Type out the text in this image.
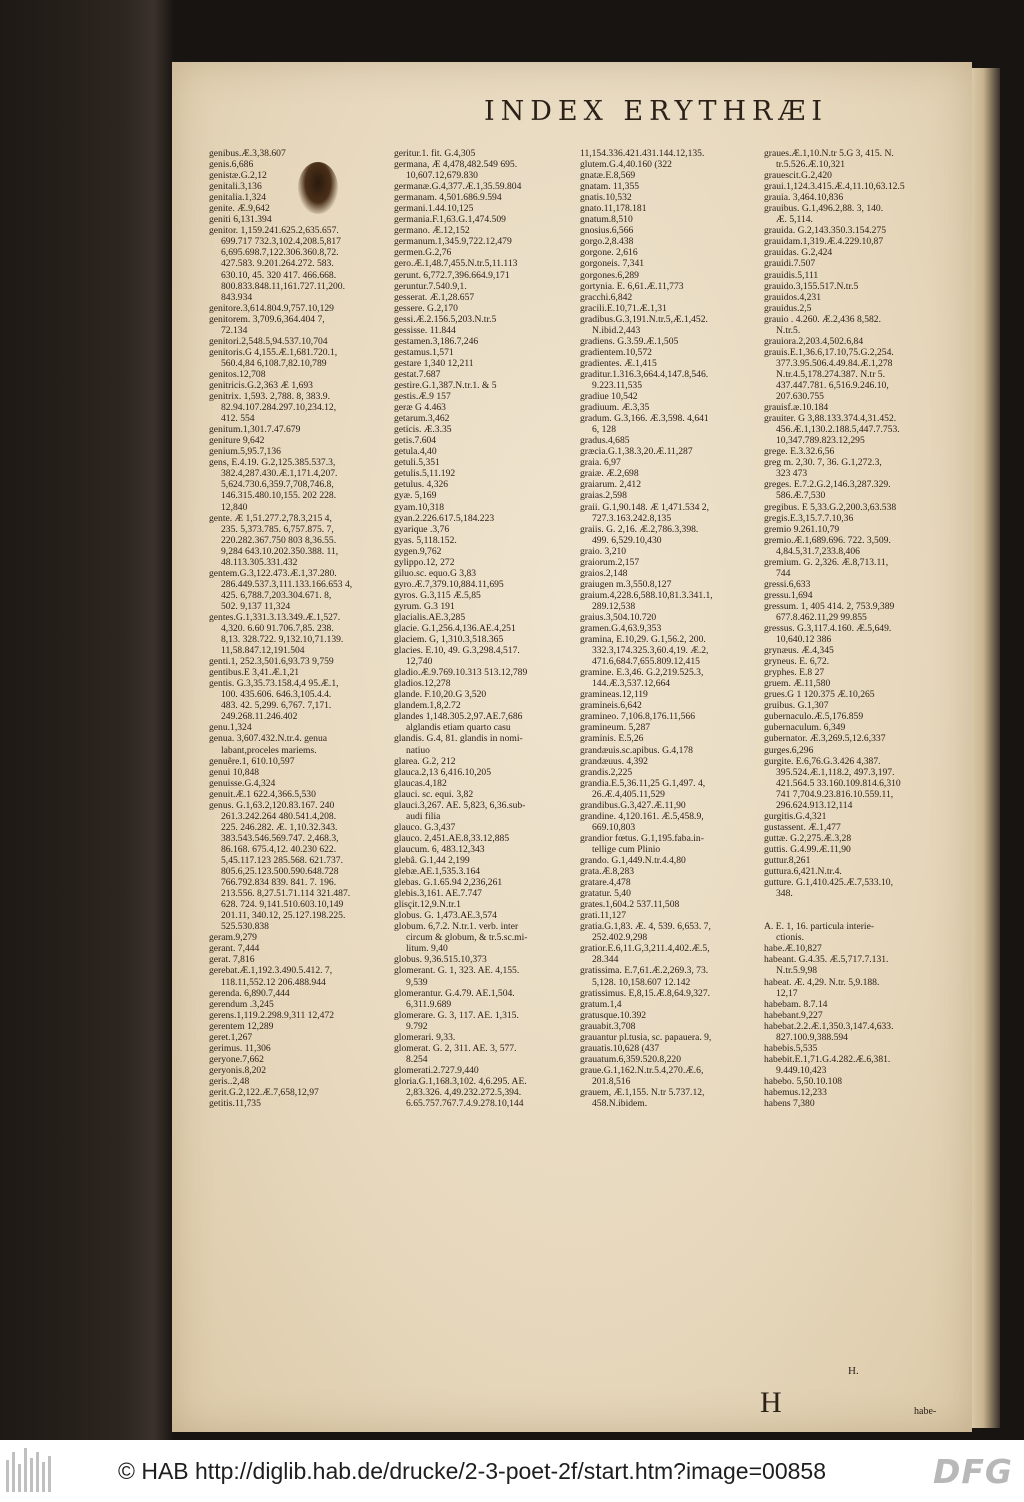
INDEX ERYTHRÆI
genibus.Æ.3,38.607
genis.6,686
genistæ.G.2,12
genitali.3,136
genitalia.1,324
genite. Æ.9,642
geniti 6,131.394
genitor. 1,159.241.625.2,635.657.
699.717 732.3,102.4,208.5,817
6,695.698.7,122.306.360.8,72.
427.583. 9.201.264.272. 583.
630.10, 45. 320 417. 466.668.
800.833.848.11,161.727.11,200.
843.934
genitore.3,614.804.9,757.10,129
genitorem. 3,709.6,364.404 7,
72.134
genitori.2,548.5,94.537.10,704
genitoris.G 4,155.Æ.1,681.720.1,
560.4,84 6,108.7,82.10,789
genitos.12,708
genitricis.G.2,363 Æ 1,693
genitrix. 1,593. 2,788. 8, 383.9.
82.94.107.284.297.10,234.12,
412. 554
genitum.1,301.7.47.679
geniture 9,642
genium.5,95.7,136
gens, E.4.19. G.2,125.385.537.3,
382.4,287.430.Æ.1,171.4,207.
5,624.730.6,359.7,708,746.8,
146.315.480.10,155. 202 228.
12,840
gente. Æ 1,51.277.2,78.3,215 4,
235. 5,373.785. 6,757.875. 7,
220.282.367.750 803 8,36.55.
9,284 643.10.202.350.388. 11,
48.113.305.331.432
gentem.G.3,122.473.Æ.1,37.280.
286.449.537.3,111.133.166.653 4,
425. 6,788.7,203.304.671. 8,
502. 9,137 11,324
gentes.G.1,331.3.13.349.Æ.1,527.
4,320. 6.60 91.706.7,85. 238.
8,13. 328.722. 9,132.10,71.139.
11,58.847.12,191.504
genti.1, 252.3,501.6,93.73 9,759
gentibus.E 3,41.Æ.1,21
gentis. G.3,35.73.158.4,4 95.Æ.1,
100. 435.606. 646.3,105.4.4.
483. 42. 5,299. 6,767. 7,171.
249.268.11.246.402
genu.1,324
genua. 3,607.432.N.tr.4. genua
labant,proceles mariems.
genuêre.1, 610.10,597
genui 10,848
genuisse.G.4,324
genuit.Æ.1 622.4,366.5,530
genus. G.1,63.2,120.83.167. 240
261.3.242.264 480.541.4,208.
225. 246.282. Æ. 1,10.32.343.
383.543.546.569.747. 2,468.3,
86.168. 675.4,12. 40.230 622.
5,45.117.123 285.568. 621.737.
805.6,25.123.500.590.648.728
766.792.834 839. 841. 7. 196.
213.556. 8,27.51.71.114 321.487.
628. 724. 9,141.510.603.10,149
201.11, 340.12, 25.127.198.225.
525.530.838
geram.9,279
gerant. 7,444
gerat. 7,816
gerebat.Æ.1,192.3.490.5.412. 7,
118.11,552.12 206.488.944
gerenda. 6,890.7,444
gerendum .3,245
gerens.1,119.2.298.9,311 12,472
gerentem 12,289
geret.1,267
gerimus. 11,306
geryone.7,662
geryonis.8,202
geris..2,48
gerit.G.2,122.Æ.7,658,12,97
getitis.11,735
geritur.1. fit. G.4,305
germana, Æ 4,478,482.549 695.
10,607.12,679.830
germanæ.G.4,377.Æ.1,35.59.804
germanam. 4,501.686.9.594
germani.1.44.10,125
germania.F.1,63.G.1,474.509
germano. Æ.12,152
germanum.1,345.9,722.12,479
germen.G.2,76
gero.Æ.1,48.7,455.N.tr.5,11.113
gerunt. 6,772.7,396.664.9,171
geruntur.7.540.9,1.
gesserat. Æ.1,28.657
gessere. G.2,170
gessi.Æ.2.156.5,203.N.tr.5
gessisse. 11.844
gestamen.3,186.7,246
gestamus.1,571
gestare 1,340 12,211
gestat.7.687
gestire.G.1,387.N.tr.1. & 5
gestis.Æ.9 157
geræ G 4.463
getarum.3,462
geticis. Æ.3.35
getis.7.604
getula.4,40
getuli.5,351
getulis.5,11.192
getulus. 4,326
gyæ. 5,169
gyam.10,318
gyan.2.226.617.5,184.223
gyarique .3,76
gyas. 5,118.152.
gygen.9,762
gylippo.12, 272
giluo.sc. equo.G 3,83
gyro.Æ.7,379.10,884.11,695
gyros. G.3,115 Æ.5,85
gyrum. G.3 191
glacialis.AE.3,285
glacie. G.1,256.4,136.AE.4,251
glaciem. G, 1,310.3,518.365
glacies. E.10, 49. G.3,298.4,517.
12,740
gladio.Æ.9.769.10.313 513.12,789
gladios.12,278
glande. F.10,20.G 3,520
glandem.1,8,2.72
glandes 1,148.305.2,97.AE.7,686
alglandis etiam quarto casu
glandis. G.4, 81. glandis in nomi-
natiuo
glarea. G.2, 212
glauca.2,13 6,416.10,205
glaucas.4,182
glauci. sc. equi. 3,82
glauci.3,267. AE. 5,823, 6,36.sub-
audi filia
glauco. G.3,437
glauco. 2,451.AE.8,33.12,885
glaucum. 6, 483.12,343
glebâ. G.1,44 2,199
glebæ.AE.1,535.3.164
glebas. G.1.65.94 2,236,261
glebis.3,161. AE.7.747
glisçit.12,9.N.tr.1
globus. G. 1,473.AE.3,574
globum. 6,7.2. N.tr.1. verb. inter
circum & globum, & tr.5.sc.mi-
litum. 9,40
globus. 9,36.515.10,373
glomerant. G. 1, 323. AE. 4,155.
9,539
glomerantur. G.4.79. AE.1,504.
6,311.9.689
glomerare. G. 3, 117. AE. 1,315.
9.792
glomerari. 9,33.
glomerat. G. 2, 311. AE. 3, 577.
8.254
glomerati.2.727.9,440
gloria.G.1,168.3,102. 4,6.295. AE.
2,83.326. 4,49.232.272.5,394.
6.65.757.767.7.4.9.278.10,144
11,154.336.421.431.144.12,135.
glutem.G.4,40.160 (322
gnatæ.E.8,569
gnatam. 11,355
gnatis.10,532
gnato.11,178.181
gnatum.8,510
gnosius.6,566
gorgo.2,8.438
gorgone. 2,616
gorgoneis. 7,341
gorgones.6,289
gortynia. E. 6,61.Æ.11,773
gracchi.6,842
gracili.E.10,71.Æ.1,31
gradibus.G.3,191.N.tr.5,Æ.1,452.
N.ibid.2,443
gradiens. G.3.59.Æ.1,505
gradientem.10,572
gradientes. Æ.1,415
graditur.1.316.3,664.4,147.8,546.
9.223.11,535
gradiue 10,542
gradiuum. Æ.3,35
gradum. G.3,166. Æ.3,598. 4,641
6, 128
gradus.4,685
græcia.G.1,38.3,20.Æ.11,287
graia. 6,97
graiæ. Æ.2,698
graiarum. 2,412
graias.2,598
graii. G.1,90.148. Æ 1,471.534 2,
727.3.163.242.8,135
graiis. G. 2,16. Æ.2,786.3,398.
499. 6,529.10,430
graio. 3,210
graiorum.2,157
graios.2,148
graiugen m.3,550.8,127
graium.4,228.6,588.10,81.3.341.1,
289.12,538
graius.3,504.10.720
gramen.G.4,63.9,353
gramina, E.10,29. G.1,56.2, 200.
332.3,174.325.3,60.4,19. Æ.2,
471.6,684.7,655.809.12,415
gramine. E.3,46. G.2,219.525.3,
144.Æ.3,537.12,664
gramineas.12,119
gramineis.6,642
gramineo. 7,106.8,176.11,566
gramineum. 5,287
graminis. E.5,26
grandæuis.sc.apibus. G.4,178
grandæuus. 4,392
grandis.2,225
grandia.E.5,36.11,25 G.1,497. 4,
26.Æ.4,405.11,529
grandibus.G.3,427.Æ.11,90
grandine. 4,120.161. Æ.5,458.9,
669.10,803
grandior fœtus. G.1,195.faba.in-
tellige cum Plinio
grando. G.1,449.N.tr.4.4,80
grata.Æ.8,283
gratare.4,478
gratatur. 5,40
grates.1,604.2 537.11,508
grati.11,127
gratia.G.1,83. Æ. 4, 539. 6,653. 7,
252.402.9,298
gratior.E.6,11.G,3,211.4,402.Æ.5,
28.344
gratissima. E.7,61.Æ.2,269.3, 73.
5,128. 10,158.607 12.142
gratissimus. E,8,15.Æ.8,64.9,327.
gratum.1,4
gratusque.10.392
grauabit.3,708
grauantur pl.tusia, sc. papauera. 9,
grauatis.10,628 (437
grauatum.6,359.520.8,220
graue.G.1,162.N.tr.5.4,270.Æ.6,
201.8,516
grauem, Æ.1,155. N.tr 5.737.12,
458.N.ibidem.
graues.Æ.1,10.N.tr 5.G 3, 415. N.
tr.5.526.Æ.10,321
grauescit.G.2,420
graui.1,124.3.415.Æ.4,11.10,63.12.5
grauia. 3,464.10,836
grauibus. G.1,496.2,88. 3, 140.
Æ. 5,114.
grauida. G.2,143.350.3.154.275
grauidam.1,319.Æ.4.229.10,87
grauidas. G.2,424
grauidi.7.507
grauidis.5,111
grauido.3,155.517.N.tr.5
grauidos.4,231
grauidus.2,5
grauio . 4.260. Æ.2,436 8,582.
N.tr.5.
grauiora.2,203.4,502.6,84
grauis.E.1,36.6,17.10,75.G.2,254.
377.3.95.506.4.49.84.Æ.1,278
N.tr.4.5,178.274.387. N.tr 5.
437.447.781. 6,516.9.246.10,
207.630.755
grauisf.æ.10.184
grauiter. G 3,88.133.374.4,31.452.
456.Æ.1,130.2.188.5,447.7.753.
10,347.789.823.12,295
grege. E.3.32.6,56
greg m. 2,30. 7, 36. G.1,272.3,
323 473
greges. E.7.2.G.2,146.3,287.329.
586.Æ.7,530
gregibus. E 5,33.G.2,200.3,63.538
gregis.E.3,15.7.7.10,36
gremio 9.261.10,79
gremio.Æ.1,689.696. 722. 3,509.
4,84.5,31.7,233.8,406
gremium. G. 2,326. Æ.8,713.11,
744
gressi.6,633
gressu.1,694
gressum. 1, 405 414. 2, 753.9,389
677.8.462.11,29 99.855
gressus. G.3,117.4.160. Æ.5,649.
10,640.12 386
grynæus. Æ.4,345
gryneus. E. 6,72.
gryphes. E.8 27
gruem. Æ.11,580
grues.G 1 120.375 Æ.10,265
gruibus. G.1,307
gubernaculo.Æ.5,176.859
gubernaculum. 6,349
gubernator. Æ.3,269.5,12.6,337
gurges.6,296
gurgite. E.6,76.G.3.426 4,387.
395.524.Æ.1,118.2, 497.3,197.
421.564.5 33.160.109.814.6,310
741 7,704.9.23.816.10.559.11,
296.624.913.12,114
gurgitis.G.4,321
gustassent. Æ.1,477
guttæ. G.2,275.Æ.3,28
guttis. G.4.99.Æ.11,90
guttur.8,261
guttura.6,421.N.tr.4.
gutture. G.1,410.425.Æ.7,533.10,
348.

A. E. 1, 16. particula interie-
ctionis.
habe.Æ.10,827
habeant. G.4.35. Æ.5,717.7.131.
N.tr.5.9,98
habeat. Æ. 4,29. N.tr. 5,9.188.
12,17
habebam. 8.7.14
habebant.9,227
habebat.2.2.Æ.1,350.3,147.4,633.
827.100.9,388.594
habebis.5,535
habebit.E.1,71.G.4.282.Æ.6,381.
9.449.10,423
habebo. 5,50.10.108
habemus.12,233
habens 7,380
H.
H	habe-
© HAB http://diglib.hab.de/drucke/2-3-poet-2f/start.htm?image=00858	DFG
